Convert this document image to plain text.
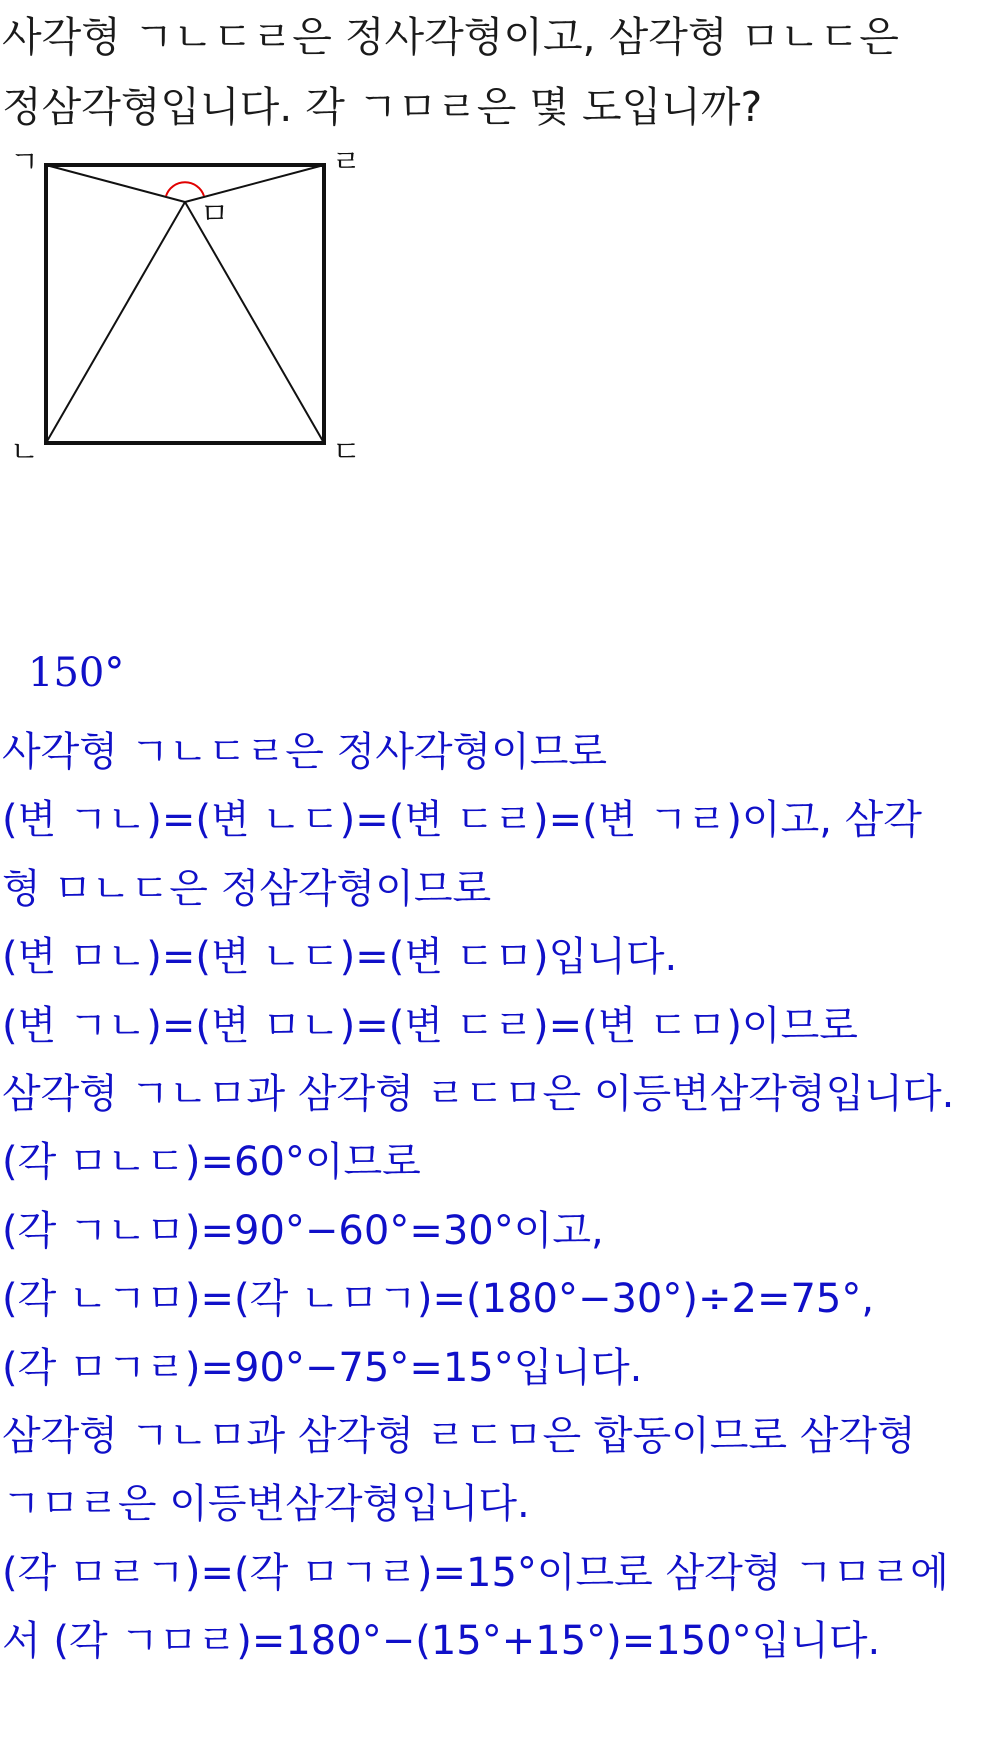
사각형 ㄱㄴㄷㄹ은 정사각형이고, 삼각형 ㅁㄴㄷ은
정삼각형입니다. 각 ㄱㅁㄹ은 몇 도입니까?
ㄱ	ㄹ
ㅁ
ㄴ	ㄷ
150°
사각형 ㄱㄴㄷㄹ은 정사각형이므로
(변 ㄱㄴ)=(변 ㄴㄷ)=(변 ㄷㄹ)=(변 ㄱㄹ)이고, 삼각
형 ㅁㄴㄷ은 정삼각형이므로
(변 ㅁㄴ)=(변 ㄴㄷ)=(변 ㄷㅁ)입니다.
(변 ㄱㄴ)=(변 ㅁㄴ)=(변 ㄷㄹ)=(변 ㄷㅁ)이므로
삼각형 ㄱㄴㅁ과 삼각형 ㄹㄷㅁ은 이등변삼각형입니다.
(각 ㅁㄴㄷ)=60°이므로
(각 ㄱㄴㅁ)=90°−60°=30°이고,
(각 ㄴㄱㅁ)=(각 ㄴㅁㄱ)=(180°−30°)÷2=75°,
(각 ㅁㄱㄹ)=90°−75°=15°입니다.
삼각형 ㄱㄴㅁ과 삼각형 ㄹㄷㅁ은 합동이므로 삼각형
ㄱㅁㄹ은 이등변삼각형입니다.
(각 ㅁㄹㄱ)=(각 ㅁㄱㄹ)=15°이므로 삼각형 ㄱㅁㄹ에
서 (각 ㄱㅁㄹ)=180°−(15°+15°)=150°입니다.
